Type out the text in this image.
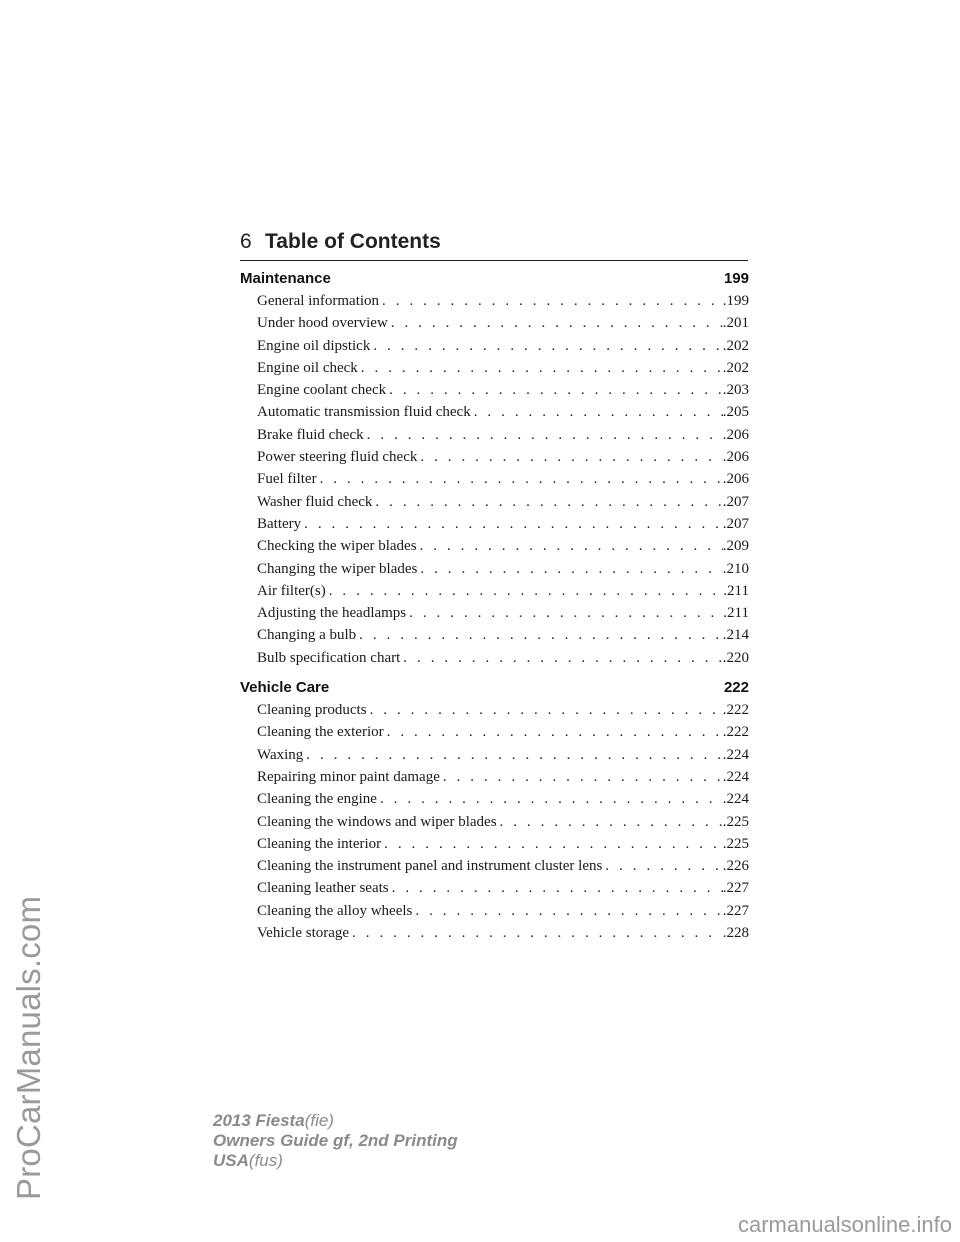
ProCarManuals.com
carmanualsonline.info
6 Table of Contents
Maintenance	199
General information . . .	.199
Under hood overview . . .	.201
Engine oil dipstick . . .	.202
Engine oil check . . .	.202
Engine coolant check . . .	.203
Automatic transmission fluid check . . .	.205
Brake fluid check . . .	.206
Power steering fluid check . . .	.206
Fuel filter . . .	.206
Washer fluid check . . .	.207
Battery . . .	.207
Checking the wiper blades . . .	.209
Changing the wiper blades . . .	.210
Air filter(s) . . .	.211
Adjusting the headlamps . . .	.211
Changing a bulb . . .	.214
Bulb specification chart . . .	.220
Vehicle Care	222
Cleaning products . . .	.222
Cleaning the exterior . . .	.222
Waxing . . .	.224
Repairing minor paint damage . . .	.224
Cleaning the engine . . .	.224
Cleaning the windows and wiper blades . . .	.225
Cleaning the interior . . .	.225
Cleaning the instrument panel and instrument cluster lens . . .	.226
Cleaning leather seats . . .	.227
Cleaning the alloy wheels . . .	.227
Vehicle storage . . .	.228
2013 Fiesta(fie)
Owners Guide gf, 2nd Printing
USA(fus)
